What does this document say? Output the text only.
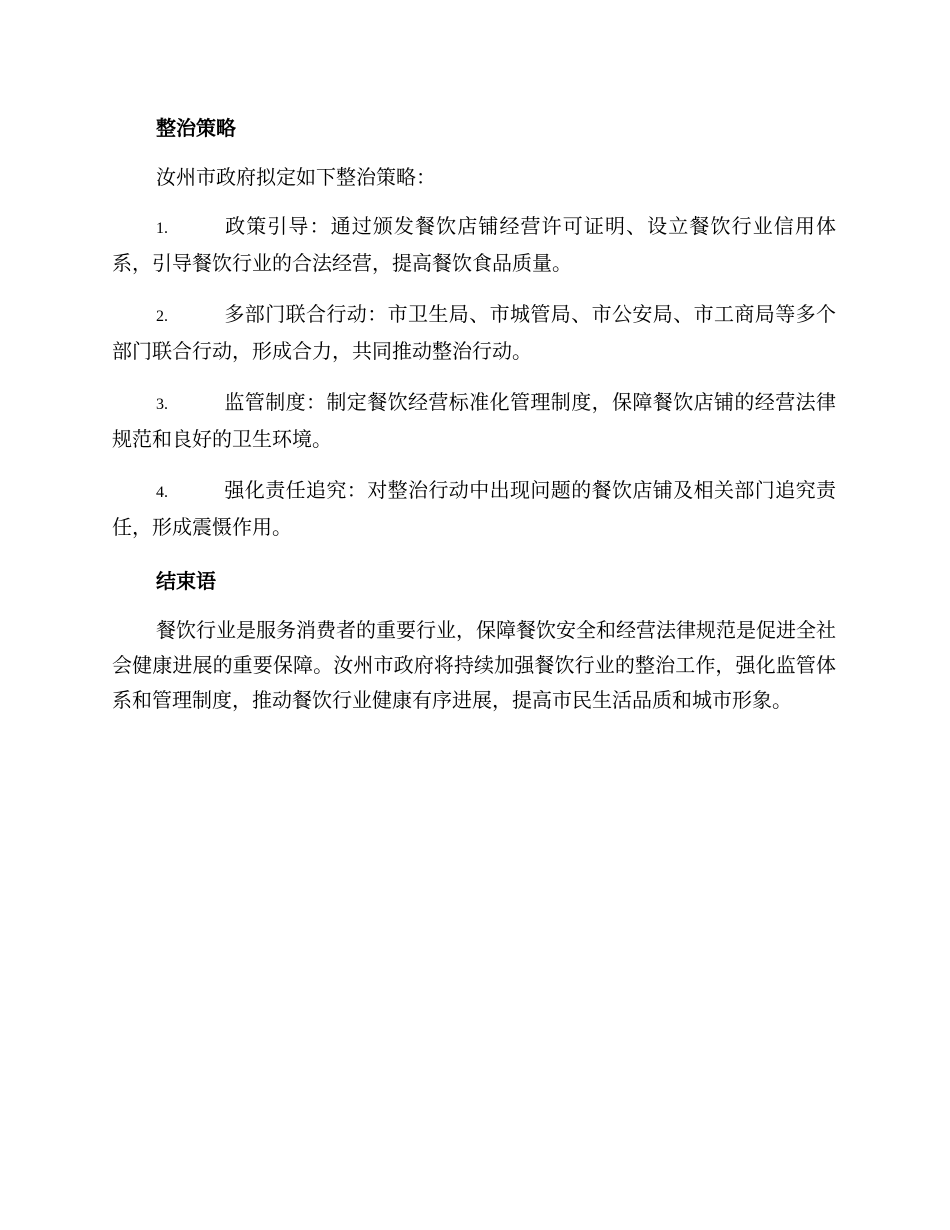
整治策略

汝州市政府拟定如下整治策略：

1.	政策引导：通过颁发餐饮店铺经营许可证明、设立餐饮行业信用体系，引导餐饮行业的合法经营，提高餐饮食品质量。

2.	多部门联合行动：市卫生局、市城管局、市公安局、市工商局等多个部门联合行动，形成合力，共同推动整治行动。

3.	监管制度：制定餐饮经营标准化管理制度，保障餐饮店铺的经营法律规范和良好的卫生环境。

4.	强化责任追究：对整治行动中出现问题的餐饮店铺及相关部门追究责任，形成震慑作用。

结束语

餐饮行业是服务消费者的重要行业，保障餐饮安全和经营法律规范是促进全社会健康进展的重要保障。汝州市政府将持续加强餐饮行业的整治工作，强化监管体系和管理制度，推动餐饮行业健康有序进展，提高市民生活品质和城市形象。
